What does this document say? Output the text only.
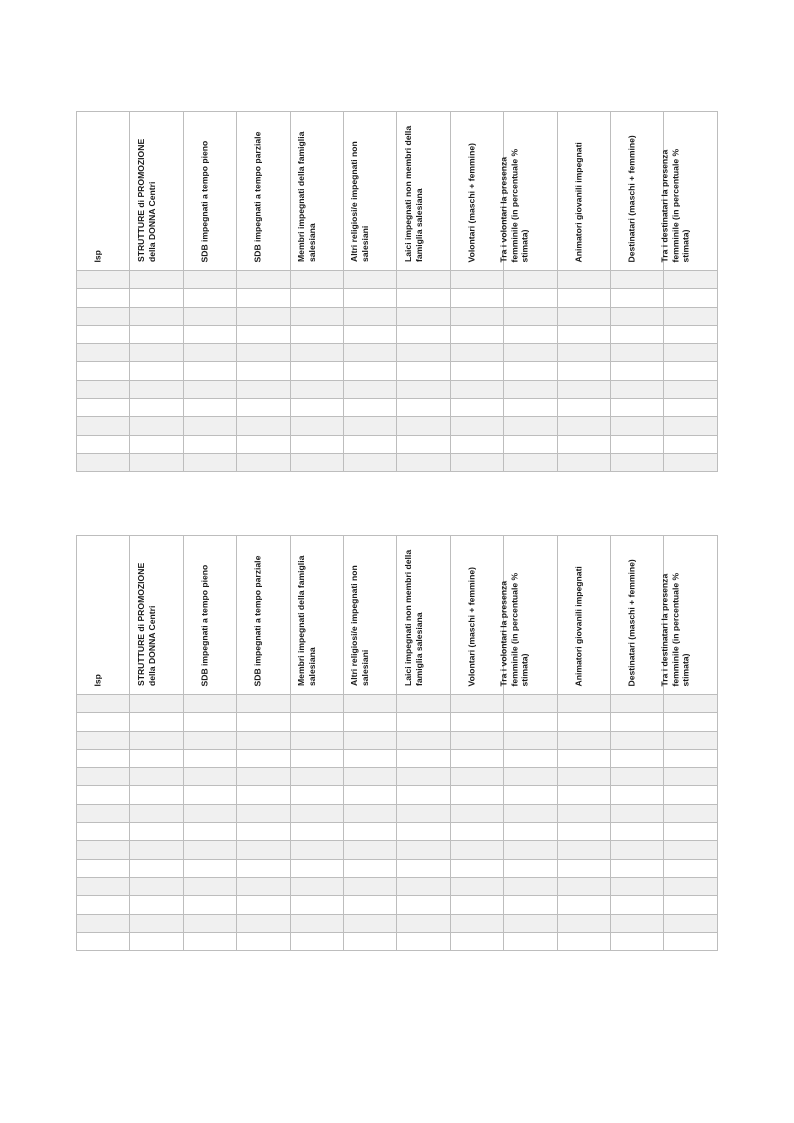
Isp	STRUTTURE di PROMOZIONE della DONNA Centri	SDB impegnati a tempo pieno	SDB impegnati a tempo parziale	Membri impegnati della famiglia salesiana	Altri religiosi/e impegnati non salesiani	Laici impegnati non membri della famiglia salesiana	Volontari (maschi + femmine)	Tra i volontari la presenza femminile (in percentuale % stimata)	Animatori giovanili impegnati	Destinatari (maschi + femmine)	Tra i destinatari la presenza femminile (in percentuale % stimata)

Isp	STRUTTURE di PROMOZIONE della DONNA Centri	SDB impegnati a tempo pieno	SDB impegnati a tempo parziale	Membri impegnati della famiglia salesiana	Altri religiosi/e impegnati non salesiani	Laici impegnati non membri della famiglia salesiana	Volontari (maschi + femmine)	Tra i volontari la presenza femminile (in percentuale % stimata)	Animatori giovanili impegnati	Destinatari (maschi + femmine)	Tra i destinatari la presenza femminile (in percentuale % stimata)
